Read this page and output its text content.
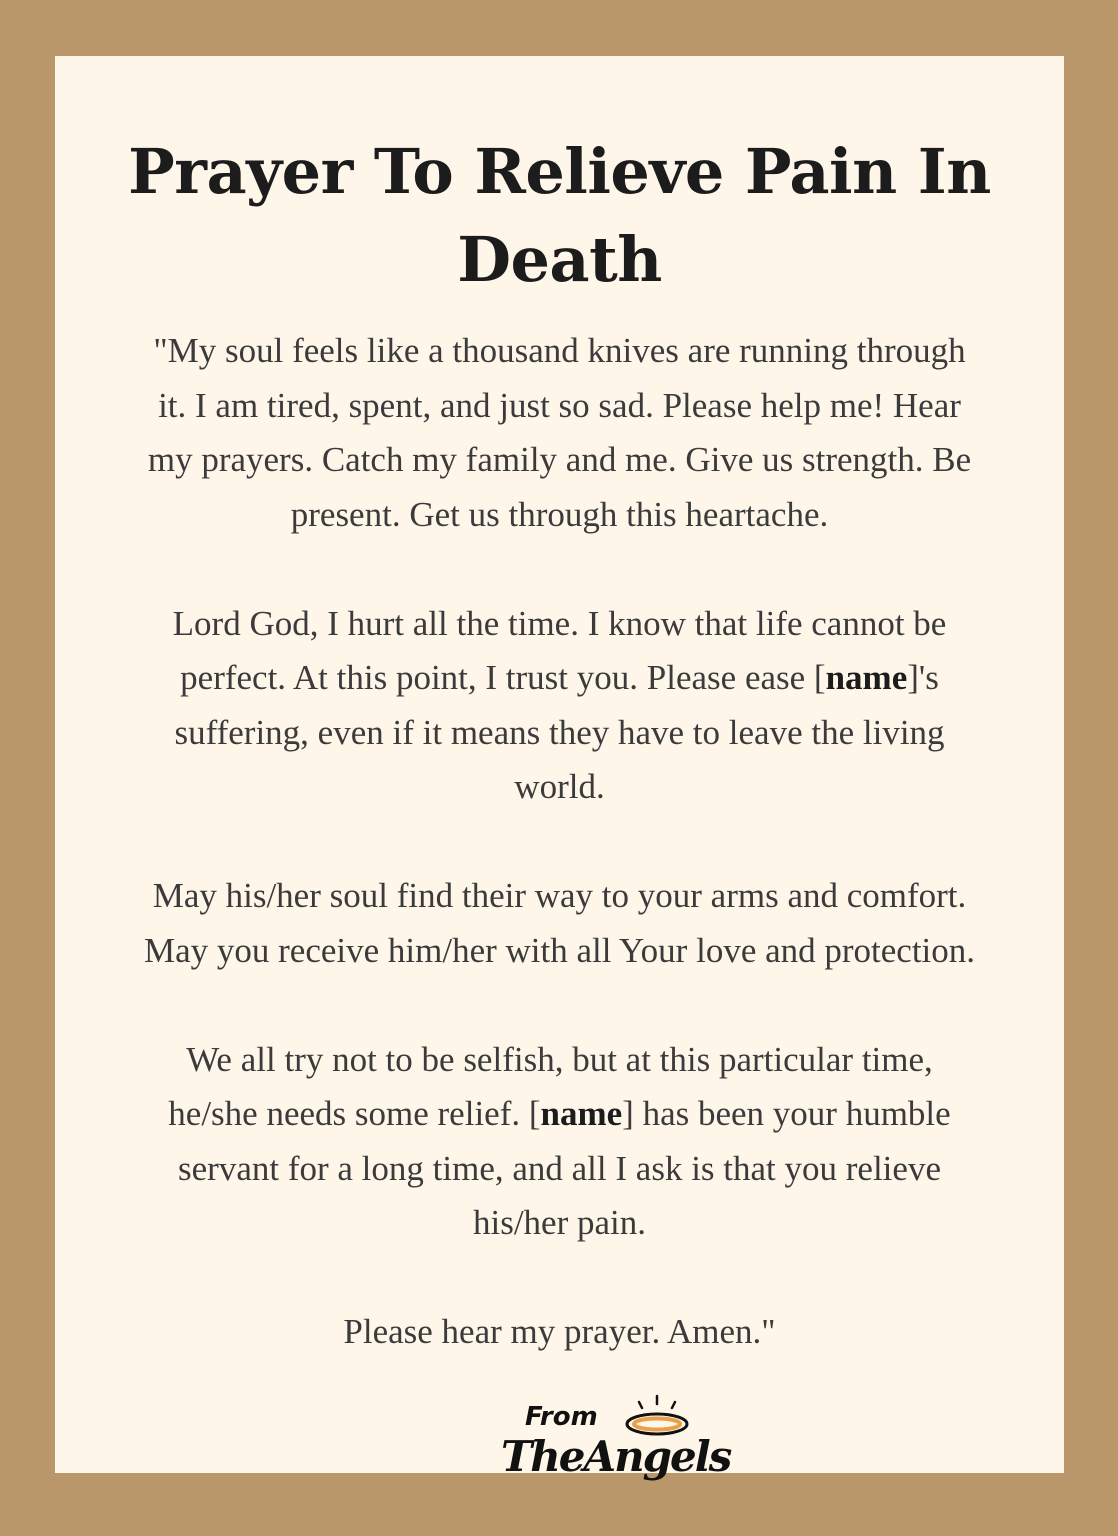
Prayer To Relieve Pain In
Death
"My soul feels like a thousand knives are running through
it. I am tired, spent, and just so sad. Please help me! Hear
my prayers. Catch my family and me. Give us strength. Be
present. Get us through this heartache.
Lord God, I hurt all the time. I know that life cannot be
perfect. At this point, I trust you. Please ease [name]'s
suffering, even if it means they have to leave the living
world.
May his/her soul find their way to your arms and comfort.
May you receive him/her with all Your love and protection.
We all try not to be selfish, but at this particular time,
he/she needs some relief. [name] has been your humble
servant for a long time, and all I ask is that you relieve
his/her pain.
Please hear my prayer. Amen."
From
TheAngels
